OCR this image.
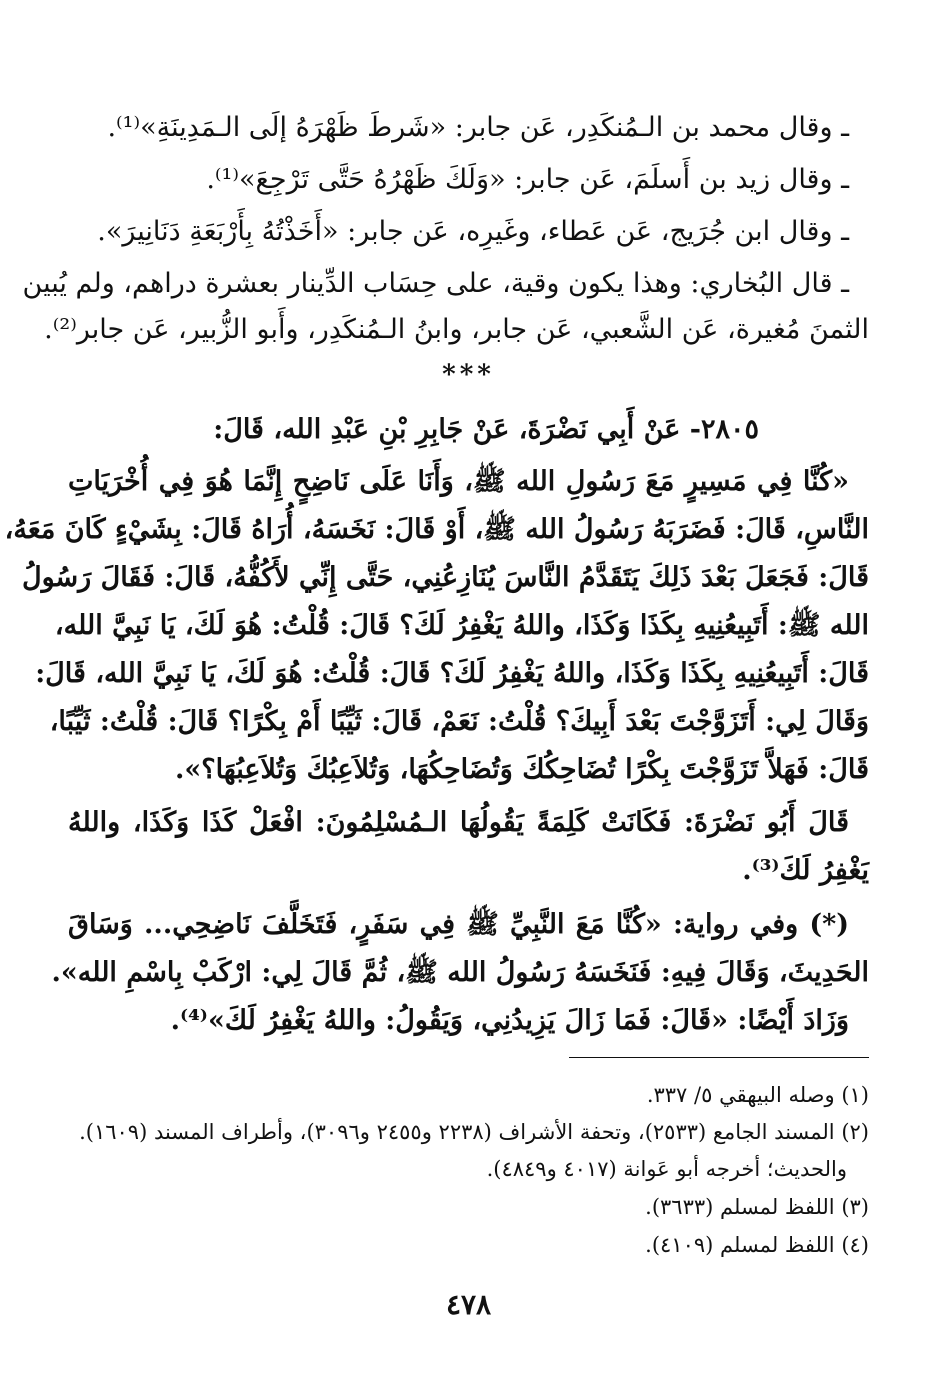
ـ وقال محمد بن الـمُنكَدِر، عَن جابر: «شَرطَ ظَهْرَهُ إلَى الـمَدِينَةِ»⁽¹⁾.
ـ وقال زيد بن أَسلَمَ، عَن جابر: «وَلَكَ ظَهْرُهُ حَتَّى تَرْجِعَ»⁽¹⁾.
ـ وقال ابن جُرَيج، عَن عَطاء، وغَيرِه، عَن جابر: «أَخَذْتُهُ بِأَرْبَعَةِ دَنَانِيرَ».
ـ قال البُخاري: وهذا يكون وقية، على حِسَاب الدِّينار بعشرة دراهم، ولم يُبين
الثمنَ مُغيرة، عَن الشَّعبي، عَن جابر، وابنُ الـمُنكَدِر، وأَبو الزُّبير، عَن جابر⁽²⁾.
***
٢٨٠٥- عَنْ أَبِي نَضْرَةَ، عَنْ جَابِرِ بْنِ عَبْدِ الله، قَالَ:
«كُنَّا فِي مَسِيرٍ مَعَ رَسُولِ الله ﷺ، وَأَنَا عَلَى نَاضِحٍ إِنَّمَا هُوَ فِي أُخْرَيَاتِ
النَّاسِ، قَالَ: فَضَرَبَهُ رَسُولُ الله ﷺ، أَوْ قَالَ: نَخَسَهُ، أُرَاهُ قَالَ: بِشَيْءٍ كَانَ مَعَهُ،
قَالَ: فَجَعَلَ بَعْدَ ذَلِكَ يَتَقَدَّمُ النَّاسَ يُنَازِعُنِي، حَتَّى إِنِّي لأَكُفُّهُ، قَالَ: فَقَالَ رَسُولُ
الله ﷺ: أَتَبِيعُنِيهِ بِكَذَا وَكَذَا، واللهُ يَغْفِرُ لَكَ؟ قَالَ: قُلْتُ: هُوَ لَكَ، يَا نَبِيَّ الله،
قَالَ: أَتَبِيعُنِيهِ بِكَذَا وَكَذَا، واللهُ يَغْفِرُ لَكَ؟ قَالَ: قُلْتُ: هُوَ لَكَ، يَا نَبِيَّ الله، قَالَ:
وَقَالَ لِي: أَتَزَوَّجْتَ بَعْدَ أَبِيكَ؟ قُلْتُ: نَعَمْ، قَالَ: ثَيِّبًا أَمْ بِكْرًا؟ قَالَ: قُلْتُ: ثَيِّبًا،
قَالَ: فَهَلاَّ تَزَوَّجْتَ بِكْرًا تُضَاحِكُكَ وَتُضَاحِكُهَا، وَتُلاَعِبُكَ وَتُلاَعِبُهَا؟».
قَالَ أَبُو نَضْرَةَ: فَكَانَتْ كَلِمَةً يَقُولُهَا الـمُسْلِمُونَ: افْعَلْ كَذَا وَكَذَا، واللهُ
يَغْفِرُ لَكَ⁽³⁾.
(*) وفي رواية: «كُنَّا مَعَ النَّبِيِّ ﷺ فِي سَفَرٍ، فَتَخَلَّفَ نَاضِحِي... وَسَاقَ
الحَدِيثَ، وَقَالَ فِيهِ: فَنَخَسَهُ رَسُولُ الله ﷺ، ثُمَّ قَالَ لِي: ارْكَبْ بِاسْمِ الله».
وَزَادَ أَيْضًا: «قَالَ: فَمَا زَالَ يَزِيدُنِي، وَيَقُولُ: واللهُ يَغْفِرُ لَكَ»⁽⁴⁾.
(١) وصله البيهقي ٥/ ٣٣٧.
(٢) المسند الجامع (٢٥٣٣)، وتحفة الأشراف (٢٢٣٨ و٢٤٥٥ و٣٠٩٦)، وأطراف المسند (١٦٠٩).
والحديث؛ أخرجه أبو عَوانة (٤٠١٧ و٤٨٤٩).
(٣) اللفظ لمسلم (٣٦٣٣).
(٤) اللفظ لمسلم (٤١٠٩).
٤٧٨
